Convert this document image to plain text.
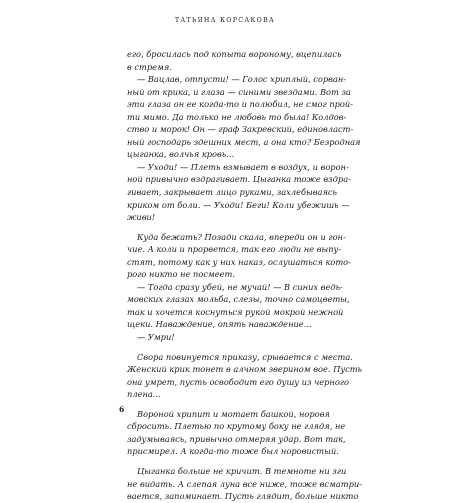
ТАТЬЯНА КОРСАКОВА
его, бросилась под копыта вороному, вцепилась
в стремя.
— Вацлав, отпусти! — Голос хриплый, сорван-
ный от крика, и глаза — синими звездами. Вот за
эти глаза он ее когда-то и полюбил, не смог прой-
ти мимо. Да только не любовь то была! Колдов-
ство и морок! Он — граф Закревский, единовласт-
ный господарь здешних мест, а она кто? Безродная
цыганка, волчья кровь...
— Уходи! — Плеть взмывает в воздух, и ворон-
ной привычно вздрагивает. Цыганка тоже вздра-
гивает, закрывает лицо руками, захлебываясь
криком от боли. — Уходи! Беги! Коли убежишь —
живи!
Куда бежать? Позади скала, впереди он и гон-
чие. А коли и прорвется, так его люди не выпу-
стят, потому как у них наказ, ослушаться кото-
рого никто не посмеет.
— Тогда сразу убей, не мучай! — В синих ведь-
мовских глазах мольба, слезы, точно самоцветы,
так и хочется коснуться рукой мокрой нежной
щеки. Наваждение, опять наваждение...
— Умри!
Свора повинуется приказу, срывается с места.
Женский крик тонет в алчном зверином вое. Пусть
она умрет, пусть освободит его душу из черного
плена...
Вороной хрипит и мотает башкой, норовя
сбросить. Плетью по крутому боку не глядя, не
задумываясь, привычно отмеряя удар. Вот так,
присмирел. А когда-то тоже был норовистый.
Цыганка больше не кричит. В темноте ни зги
не видать. А слепая луна все ниже, тоже всматри-
вается, запоминает. Пусть глядит, больше никто
6
